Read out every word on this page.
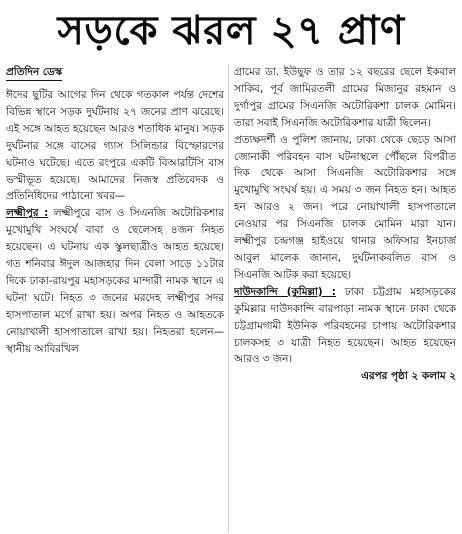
সড়কে ঝরল ২৭ প্রাণ
প্রতিদিন ডেস্ক

ঈদের ছুটির আগের দিন থেকে গতকাল পর্যন্ত দেশের বিভিন্ন স্থানে সড়ক দুর্ঘটনায় ২৭ জনের প্রাণ ঝরেছে। এই সঙ্গে আহত হয়েছেন আরও শতাধিক মানুষ। সড়ক দুর্ঘটনার সঙ্গে বাসের গ্যাস সিলিন্ডার বিস্ফোরণের ঘটনাও ঘটেছে। এতে রংপুরে একটি বিআরটিসি বাস ভস্মীভূত হয়েছে। আমাদের নিজস্ব প্রতিবেদক ও প্রতিনিধিদের পাঠানো খবর—

লক্ষ্মীপুর : লক্ষ্মীপুরে বাস ও সিএনজি অটোরিকশার মুখোমুখি সংঘর্ষে বাবা ও ছেলেসহ ৪জন নিহত হয়েছেন। এ ঘটনায় এক স্কুলছাত্রীও আহত হয়েছে। গত শনিবার ঈদুল আজহার দিন বেলা সাড়ে ১১টার দিকে ঢাকা-রায়পুর মহাসড়কের মান্দারী নামক স্থানে এ ঘটনা ঘটে। নিহত ৩ জনের মরদেহ লক্ষ্মীপুর সদর হাসপাতাল মর্গে রাখা হয়। অপর নিহত ও আহতকে নোয়াখালী হাসপাতালে রাখা হয়। নিহতরা হলেন— স্থানীয় আবিরখিল

গ্রামের ডা. ইউছুফ ও তার ১২ বছরের ছেলে ইকবাল সাকিব, পূর্ব জামিরতলী গ্রামের মিজানুর রহমান ও দুর্গাপুর গ্রামের সিএনজি অটোরিকশা চালক মোমিন। তারা সবাই সিএনজি অটোরিকশার যাত্রী ছিলেন।

প্রত্যক্ষদর্শী ও পুলিশ জানায়, ঢাকা থেকে ছেড়ে আসা জোনাকী পরিবহন বাস ঘটনাস্থলে পৌঁছলে বিপরীত দিক থেকে আসা সিএনজি অটোরিকশার সঙ্গে মুখোমুখি সংঘর্ষ হয়। এ সময় ৩ জন নিহত হন। আহত হন আরও ২ জন। পরে নোয়াখালী হাসপাতালে নেওয়ার পর সিএনজি চালক মোমিন মারা যান। লক্ষ্মীপুর চন্দ্রগঞ্জ হাইওয়ে থানার অফিসার ইনচার্জ আবুল মালেক জানান, দুর্ঘটনাকবলিত বাস ও সিএনজি আটক করা হয়েছে।

দাউদকান্দি (কুমিল্লা) : ঢাকা চট্টগ্রাম মহাসড়কের কুমিল্লার দাউদকান্দি বারপাড়া নামক স্থানে ঢাকা থেকে চট্টগ্রামগামী ইউনিক পরিবহনের চাপায় অটোরিকশার চালকসহ ৩ যাত্রী নিহত হয়েছেন। আহত হয়েছেন আরও ৩ জন।

এরপর পৃষ্ঠা ২ কলাম ২
